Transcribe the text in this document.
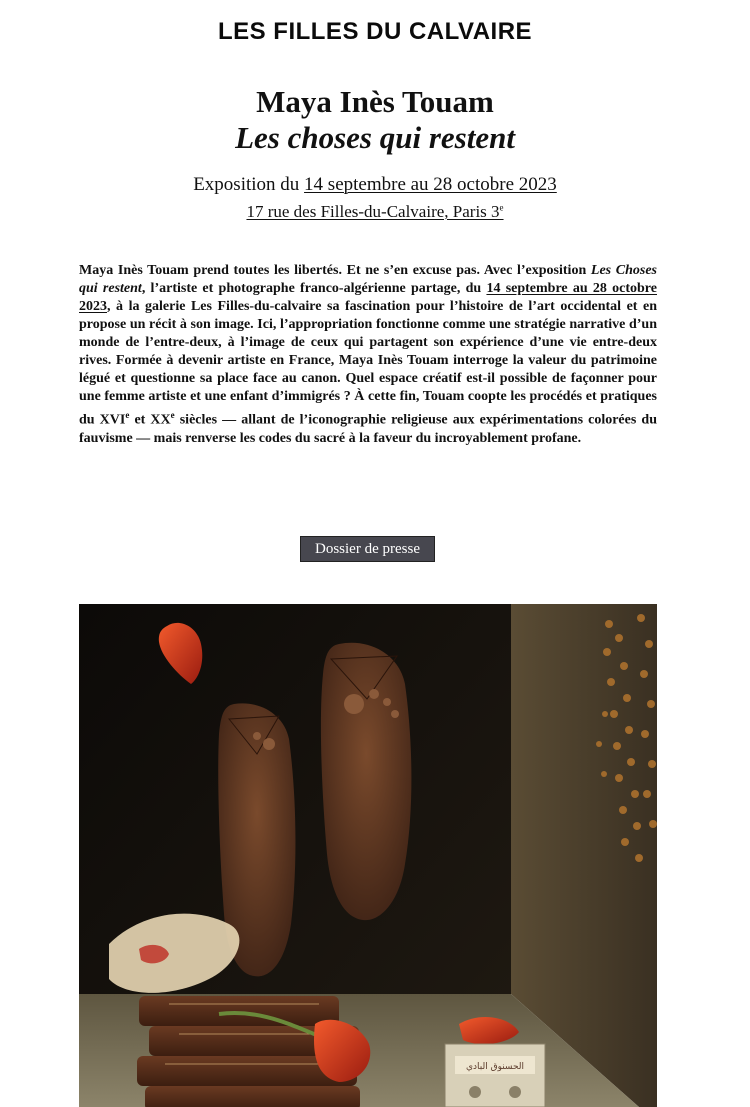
LES FILLES DU CALVAIRE
Maya Inès Touam
Les choses qui restent
Exposition du 14 septembre au 28 octobre 2023
17 rue des Filles-du-Calvaire, Paris 3e
Maya Inès Touam prend toutes les libertés. Et ne s’en excuse pas. Avec l’exposition Les Choses qui restent, l’artiste et photographe franco-algérienne partage, du 14 septembre au 28 octobre 2023, à la galerie Les Filles-du-calvaire sa fascination pour l’histoire de l’art occidental et en propose un récit à son image. Ici, l’appropriation fonctionne comme une stratégie narrative d’un monde de l’entre-deux, à l’image de ceux qui partagent son expérience d’une vie entre-deux rives. Formée à devenir artiste en France, Maya Inès Touam interroge la valeur du patrimoine légué et questionne sa place face au canon. Quel espace créatif est-il possible de façonner pour une femme artiste et une enfant d’immigrés ? À cette fin, Touam coopte les procédés et pratiques du XVIe et XXe siècles — allant de l’iconographie religieuse aux expérimentations colorées du fauvisme — mais renverse les codes du sacré à la faveur du incroyablement profane.
Dossier de presse
الحسنوق البادي
